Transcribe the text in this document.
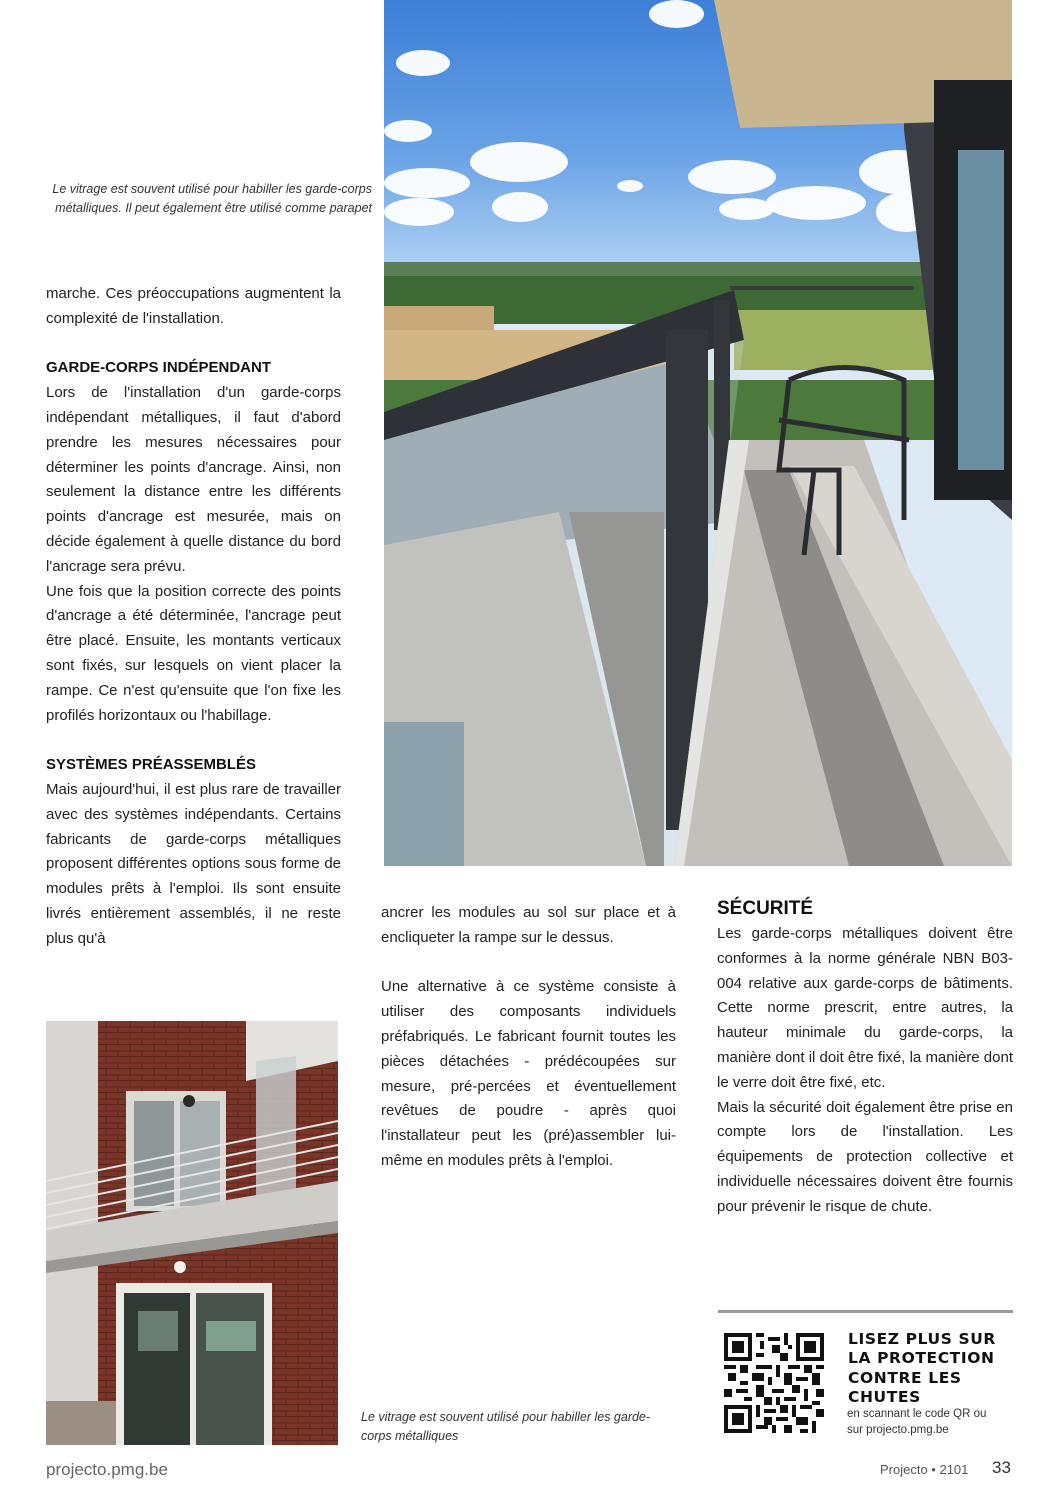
Le vitrage est souvent utilisé pour habiller les garde-corps
métalliques. Il peut également être utilisé comme parapet

marche. Ces préoccupations augmentent la complexité de l'installation.

GARDE-CORPS INDÉPENDANT

Lors de l'installation d'un garde-corps indépendant métalliques, il faut d'abord prendre les mesures nécessaires pour déterminer les points d'ancrage. Ainsi, non seulement la distance entre les différents points d'ancrage est mesurée, mais on décide également à quelle distance du bord l'ancrage sera prévu.

Une fois que la position correcte des points d'ancrage a été déterminée, l'ancrage peut être placé. Ensuite, les montants verticaux sont fixés, sur lesquels on vient placer la rampe. Ce n'est qu'ensuite que l'on fixe les profilés horizontaux ou l'habillage.

SYSTÈMES PRÉASSEMBLÉS

Mais aujourd'hui, il est plus rare de travailler avec des systèmes indépendants. Certains fabricants de garde-corps métalliques proposent différentes options sous forme de modules prêts à l'emploi. Ils sont ensuite livrés entièrement assemblés, il ne reste plus qu'à

ancrer les modules au sol sur place et à encliqueter la rampe sur le dessus.

Une alternative à ce système consiste à utiliser des composants individuels préfabriqués. Le fabricant fournit toutes les pièces détachées - prédécoupées sur mesure, pré-percées et éventuellement revêtues de poudre - après quoi l'installateur peut les (pré)assembler lui-même en modules prêts à l'emploi.

SÉCURITÉ

Les garde-corps métalliques doivent être conformes à la norme générale NBN B03-004 relative aux garde-corps de bâtiments. Cette norme prescrit, entre autres, la hauteur minimale du garde-corps, la manière dont il doit être fixé, la manière dont le verre doit être fixé, etc.

Mais la sécurité doit également être prise en compte lors de l'installation. Les équipements de protection collective et individuelle nécessaires doivent être fournis pour prévenir le risque de chute.

Le vitrage est souvent utilisé pour habiller les garde-
corps métalliques
LISEZ PLUS SUR
LA PROTECTION
CONTRE LES
CHUTES
en scannant le code QR ou
sur projecto.pmg.be
projecto.pmg.be	Projecto • 2101 33
